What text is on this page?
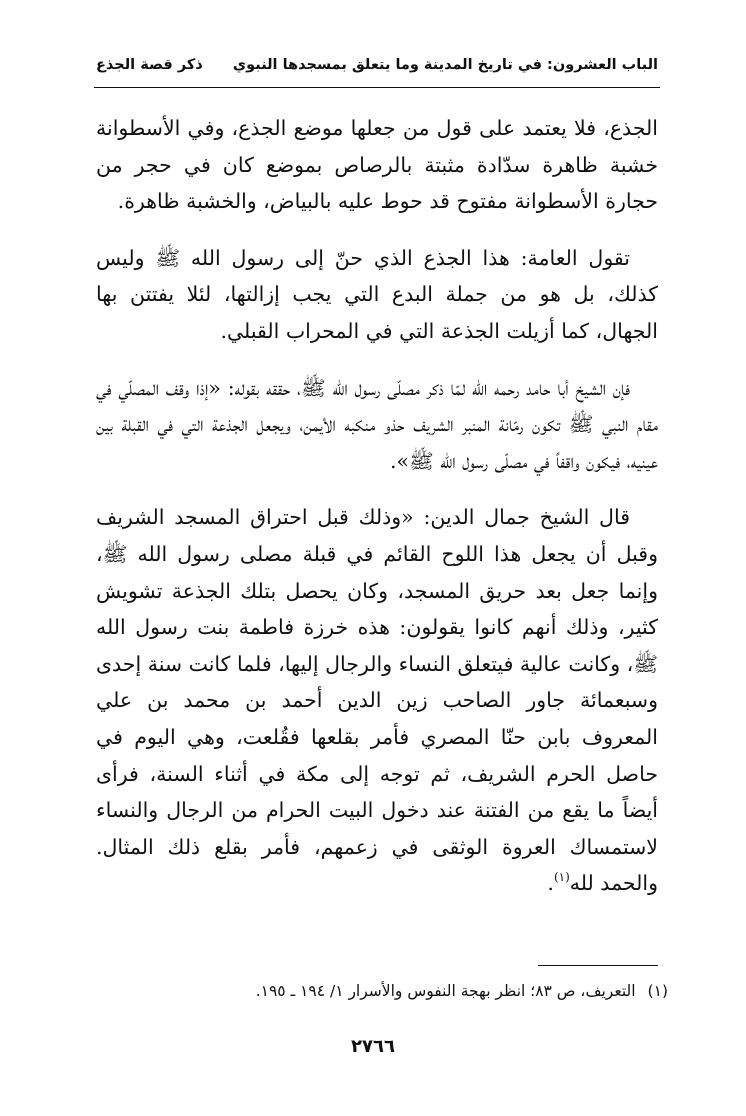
الباب العشرون: في تاريخ المدينة وما يتعلق بمسجدها النبوي
ذكر قصة الجذع

الجذع، فلا يعتمد على قول من جعلها موضع الجذع، وفي الأسطوانة خشبة ظاهرة سدّادة مثبتة بالرصاص بموضع كان في حجر من حجارة الأسطوانة مفتوح قد حوط عليه بالبياض، والخشبة ظاهرة.

تقول العامة: هذا الجذع الذي حنّ إلى رسول الله ﷺ وليس كذلك، بل هو من جملة البدع التي يجب إزالتها، لئلا يفتتن بها الجهال، كما أزيلت الجذعة التي في المحراب القبلي.

فإن الشيخ أبا حامد رحمه الله لمّا ذكر مصلّى رسول الله ﷺ، حققه بقوله: «إذا وقف المصلّي في مقام النبي ﷺ تكون رمّانة المنبر الشريف حذو منكبه الأيمن، ويجعل الجذعة التي في القبلة بين عينيه، فيكون واقفاً في مصلّى رسول الله ﷺ».

قال الشيخ جمال الدين: «وذلك قبل احتراق المسجد الشريف وقبل أن يجعل هذا اللوح القائم في قبلة مصلى رسول الله ﷺ، وإنما جعل بعد حريق المسجد، وكان يحصل بتلك الجذعة تشويش كثير، وذلك أنهم كانوا يقولون: هذه خرزة فاطمة بنت رسول الله ﷺ، وكانت عالية فيتعلق النساء والرجال إليها، فلما كانت سنة إحدى وسبعمائة جاور الصاحب زين الدين أحمد بن محمد بن علي المعروف بابن حنّا المصري فأمر بقلعها فقُلعت، وهي اليوم في حاصل الحرم الشريف، ثم توجه إلى مكة في أثناء السنة، فرأى أيضاً ما يقع من الفتنة عند دخول البيت الحرام من الرجال والنساء لاستمساك العروة الوثقى في زعمهم، فأمر بقلع ذلك المثال. والحمد لله$^{(١)}$.

(١)التعريف، ص ٨٣؛ انظر بهجة النفوس والأسرار ١/ ١٩٤ ـ ١٩٥.
٢٧٦٦
